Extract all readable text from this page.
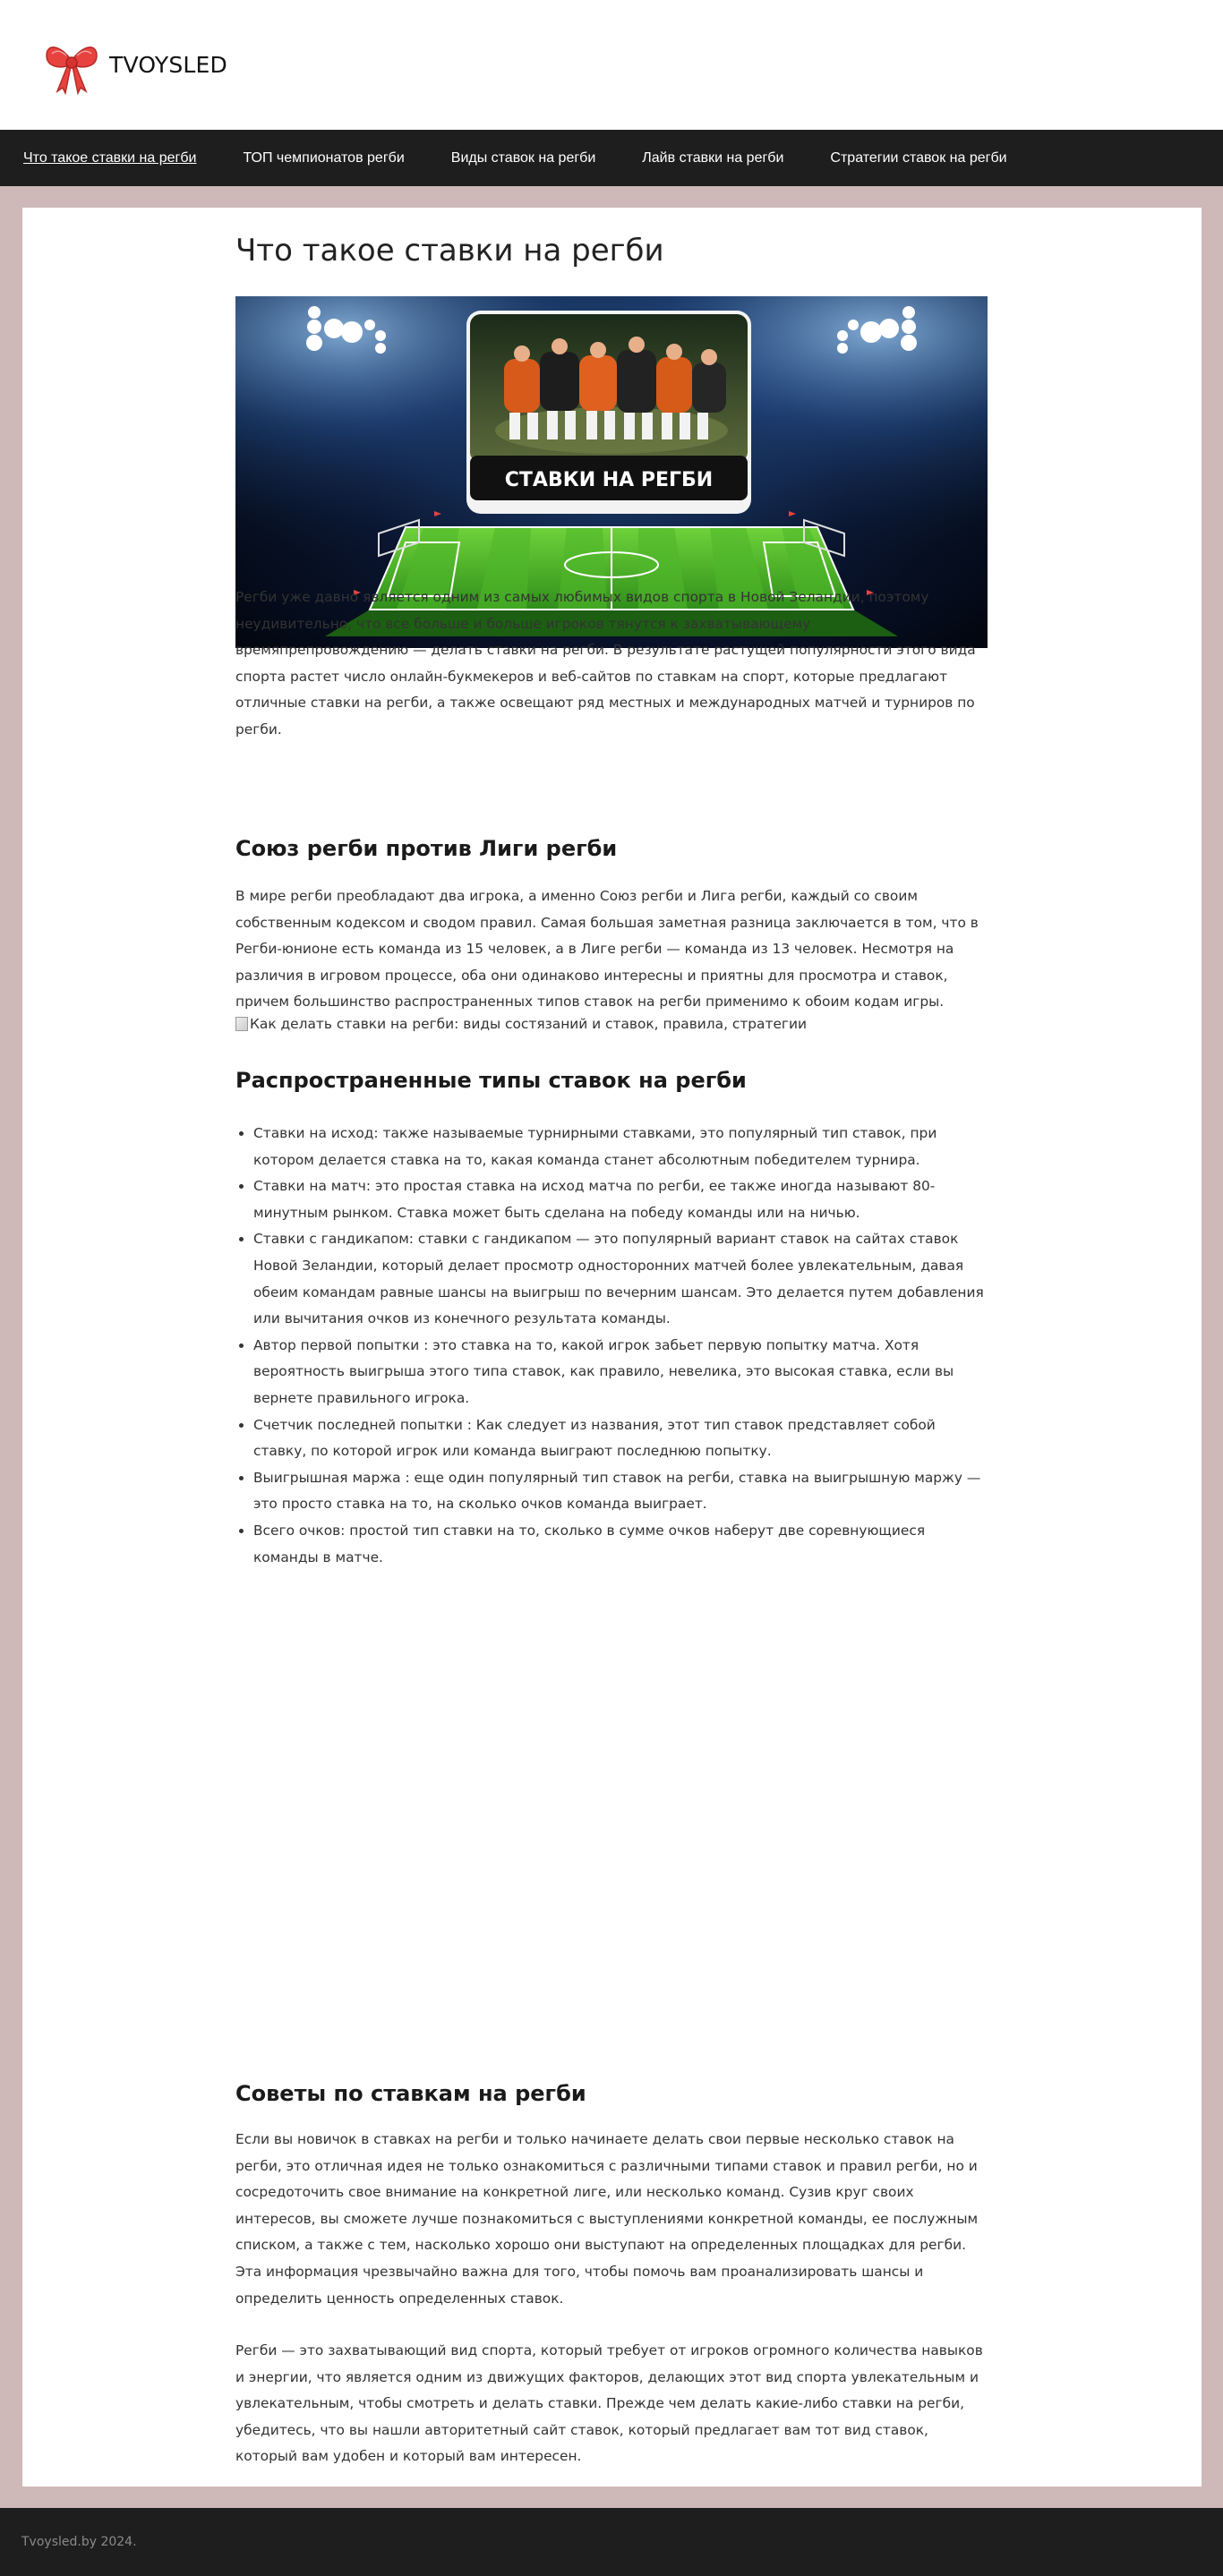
TVOYSLED
Что такое ставки на регби	ТОП чемпионатов регби	Виды ставок на регби	Лайв ставки на регби	Стратегии ставок на регби
Что такое ставки на регби
СТАВКИ НА РЕГБИ

Регби уже давно является одним из самых любимых видов спорта в Новой Зеландии, поэтому неудивительно, что все больше и больше игроков тянутся к захватывающему времяпрепровождению — делать ставки на регби. В результате растущей популярности этого вида спорта растет число онлайн-букмекеров и веб-сайтов по ставкам на спорт, которые предлагают отличные ставки на регби, а также освещают ряд местных и международных матчей и турниров по регби.

Союз регби против Лиги регби

В мире регби преобладают два игрока, а именно Союз регби и Лига регби, каждый со своим собственным кодексом и сводом правил. Самая большая заметная разница заключается в том, что в Регби-юнионе есть команда из 15 человек, а в Лиге регби — команда из 13 человек. Несмотря на различия в игровом процессе, оба они одинаково интересны и приятны для просмотра и ставок, причем большинство распространенных типов ставок на регби применимо к обоим кодам игры.

Как делать ставки на регби: виды состязаний и ставок, правила, стратегии
Распространенные типы ставок на регби
• Ставки на исход: также называемые турнирными ставками, это популярный тип ставок, при котором делается ставка на то, какая команда станет абсолютным победителем турнира.
• Ставки на матч: это простая ставка на исход матча по регби, ее также иногда называют 80-минутным рынком. Ставка может быть сделана на победу команды или на ничью.
• Ставки с гандикапом: ставки с гандикапом — это популярный вариант ставок на сайтах ставок Новой Зеландии, который делает просмотр односторонних матчей более увлекательным, давая обеим командам равные шансы на выигрыш по вечерним шансам. Это делается путем добавления или вычитания очков из конечного результата команды.
• Автор первой попытки : это ставка на то, какой игрок забьет первую попытку матча. Хотя вероятность выигрыша этого типа ставок, как правило, невелика, это высокая ставка, если вы вернете правильного игрока.
• Счетчик последней попытки : Как следует из названия, этот тип ставок представляет собой ставку, по которой игрок или команда выиграют последнюю попытку.
• Выигрышная маржа : еще один популярный тип ставок на регби, ставка на выигрышную маржу — это просто ставка на то, на сколько очков команда выиграет.
• Всего очков: простой тип ставки на то, сколько в сумме очков наберут две соревнующиеся команды в матче.
Советы по ставкам на регби

Если вы новичок в ставках на регби и только начинаете делать свои первые несколько ставок на регби, это отличная идея не только ознакомиться с различными типами ставок и правил регби, но и сосредоточить свое внимание на конкретной лиге, или несколько команд. Сузив круг своих интересов, вы сможете лучше познакомиться с выступлениями конкретной команды, ее послужным списком, а также с тем, насколько хорошо они выступают на определенных площадках для регби. Эта информация чрезвычайно важна для того, чтобы помочь вам проанализировать шансы и определить ценность определенных ставок.

Регби — это захватывающий вид спорта, который требует от игроков огромного количества навыков и энергии, что является одним из движущих факторов, делающих этот вид спорта увлекательным и увлекательным, чтобы смотреть и делать ставки. Прежде чем делать какие-либо ставки на регби, убедитесь, что вы нашли авторитетный сайт ставок, который предлагает вам тот вид ставок, который вам удобен и который вам интересен.

Tvoysled.by 2024.
